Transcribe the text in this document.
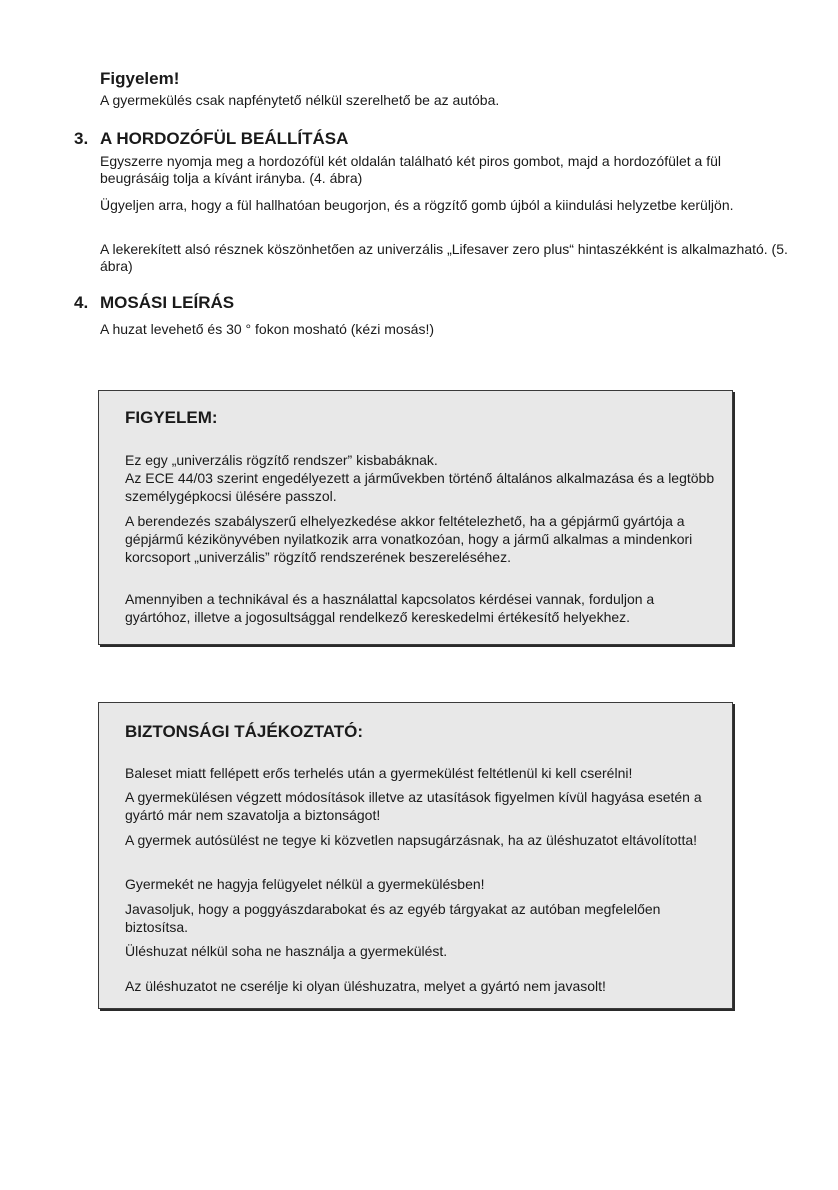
Figyelem!
A gyermekülés csak napfénytető nélkül szerelhető be az autóba.
3. A HORDOZÓFÜL BEÁLLÍTÁSA
Egyszerre nyomja meg a hordozófül két oldalán található két piros gombot, majd a hordozófület a fül beugrásáig tolja a kívánt irányba. (4. ábra)
Ügyeljen arra, hogy a fül hallhatóan beugorjon, és a rögzítő gomb újból a kiindulási helyzetbe kerüljön.
A lekerekített alsó résznek köszönhetően az univerzális „Lifesaver zero plus“ hintaszékként is alkalmazható. (5. ábra)
4. MOSÁSI LEÍRÁS
A huzat levehető és 30 ° fokon mosható (kézi mosás!)
FIGYELEM:
Ez egy „univerzális rögzítő rendszer” kisbabáknak.
Az ECE 44/03 szerint engedélyezett a járművekben történő általános alkalmazása és a legtöbb személygépkocsi ülésére passzol.
A berendezés szabályszerű elhelyezkedése akkor feltételezhető, ha a gépjármű gyártója a gépjármű kézikönyvében nyilatkozik arra vonatkozóan, hogy a jármű alkalmas a mindenkori korcsoport „univerzális” rögzítő rendszerének beszereléséhez.
Amennyiben a technikával és a használattal kapcsolatos kérdései vannak, forduljon a gyártóhoz, illetve a jogosultsággal rendelkező kereskedelmi értékesítő helyekhez.
BIZTONSÁGI TÁJÉKOZTATÓ:
Baleset miatt fellépett erős terhelés után a gyermekülést feltétlenül ki kell cserélni!
A gyermekülésen végzett módosítások illetve az utasítások figyelmen kívül hagyása esetén a gyártó már nem szavatolja a biztonságot!
A gyermek autósülést ne tegye ki közvetlen napsugárzásnak, ha az üléshuzatot eltávolította!
Gyermekét ne hagyja felügyelet nélkül a gyermekülésben!
Javasoljuk, hogy a poggyászdarabokat és az egyéb tárgyakat az autóban megfelelően biztosítsa.
Üléshuzat nélkül soha ne használja a gyermekülést.
Az üléshuzatot ne cserélje ki olyan üléshuzatra, melyet a gyártó nem javasolt!
